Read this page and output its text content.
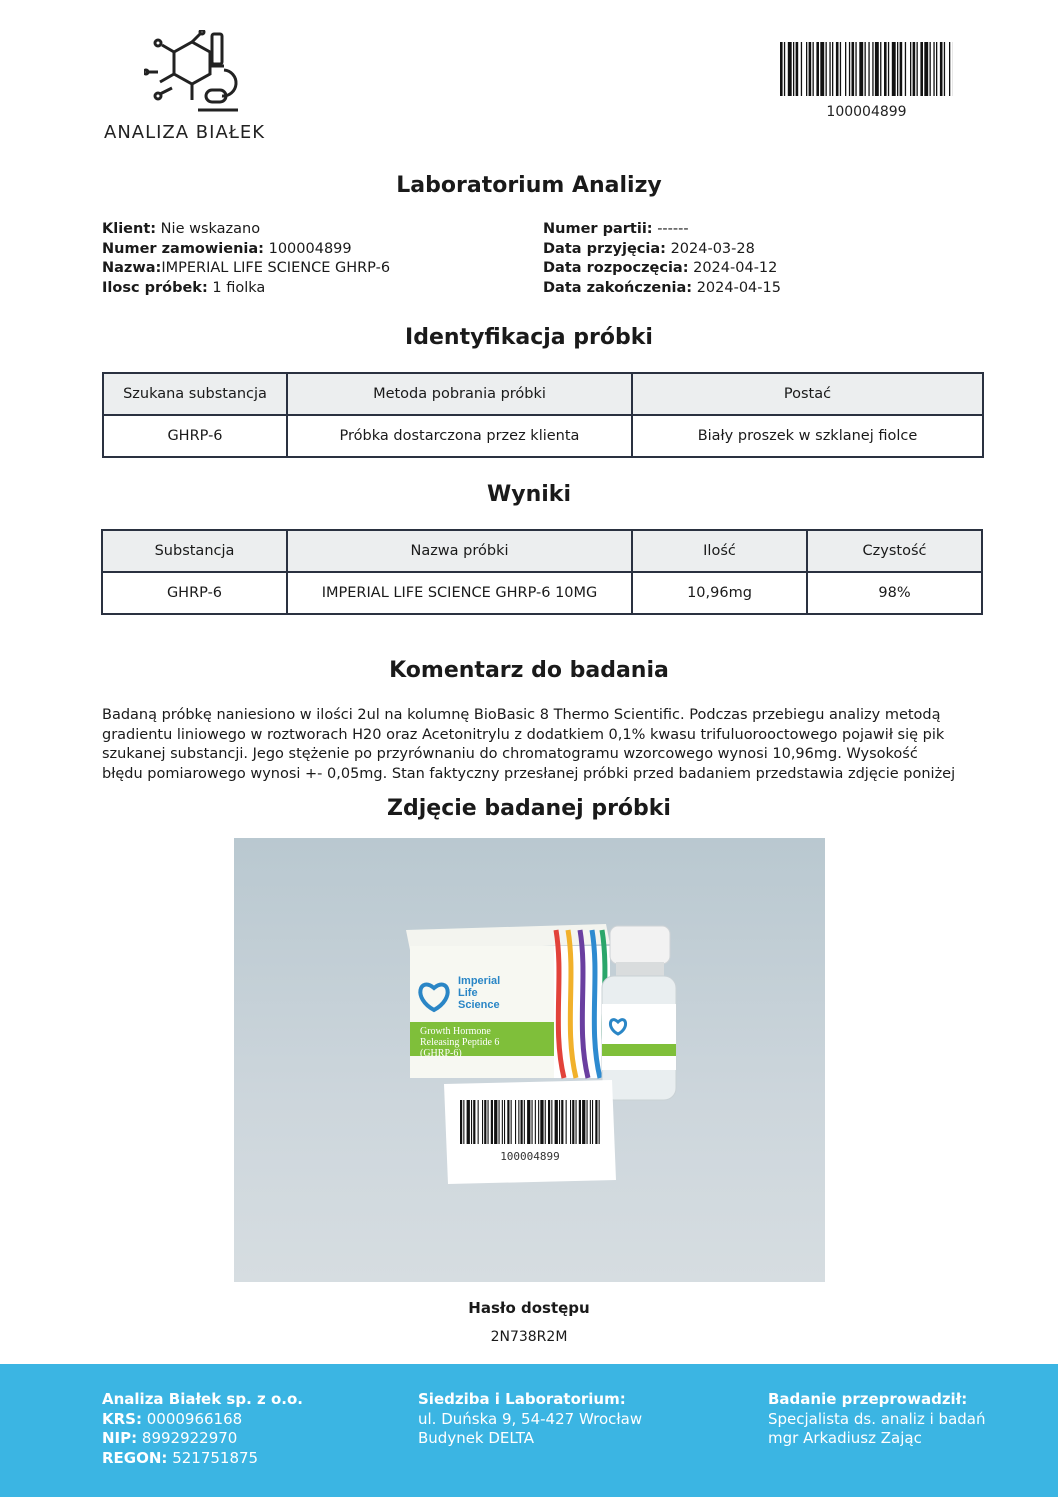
ANALIZA BIAŁEK
100004899
Laboratorium Analizy
Klient: Nie wskazano
Numer zamowienia: 100004899
Nazwa:IMPERIAL LIFE SCIENCE GHRP-6
Ilosc próbek: 1 fiolka
Numer partii: ------
Data przyjęcia: 2024-03-28
Data rozpoczęcia: 2024-04-12
Data zakończenia: 2024-04-15
Identyfikacja próbki
Szukana substancja	Metoda pobrania próbki	Postać
GHRP-6	Próbka dostarczona przez klienta	Biały proszek w szklanej fiolce
Wyniki
Substancja	Nazwa próbki	Ilość	Czystość
GHRP-6	IMPERIAL LIFE SCIENCE GHRP-6 10MG	10,96mg	98%
Komentarz do badania
Badaną próbkę naniesiono w ilości 2ul na kolumnę BioBasic 8 Thermo Scientific. Podczas przebiegu analizy metodą
gradientu liniowego w roztworach H20 oraz Acetonitrylu z dodatkiem 0,1% kwasu trifuluorooctowego pojawił się pik
szukanej substancji. Jego stężenie po przyrównaniu do chromatogramu wzorcowego wynosi 10,96mg. Wysokość
błędu pomiarowego wynosi +- 0,05mg. Stan faktyczny przesłanej próbki przed badaniem przedstawia zdjęcie poniżej
Zdjęcie badanej próbki
Imperial
Life
Science
Growth Hormone
Releasing Peptide 6
(GHRP-6)
100004899
Hasło dostępu
2N738R2M
Analiza Białek sp. z o.o.
KRS: 0000966168
NIP: 8992922970
REGON: 521751875
Siedziba i Laboratorium:
ul. Duńska 9, 54-427 Wrocław
Budynek DELTA
Badanie przeprowadził:
Specjalista ds. analiz i badań
mgr Arkadiusz Zając
